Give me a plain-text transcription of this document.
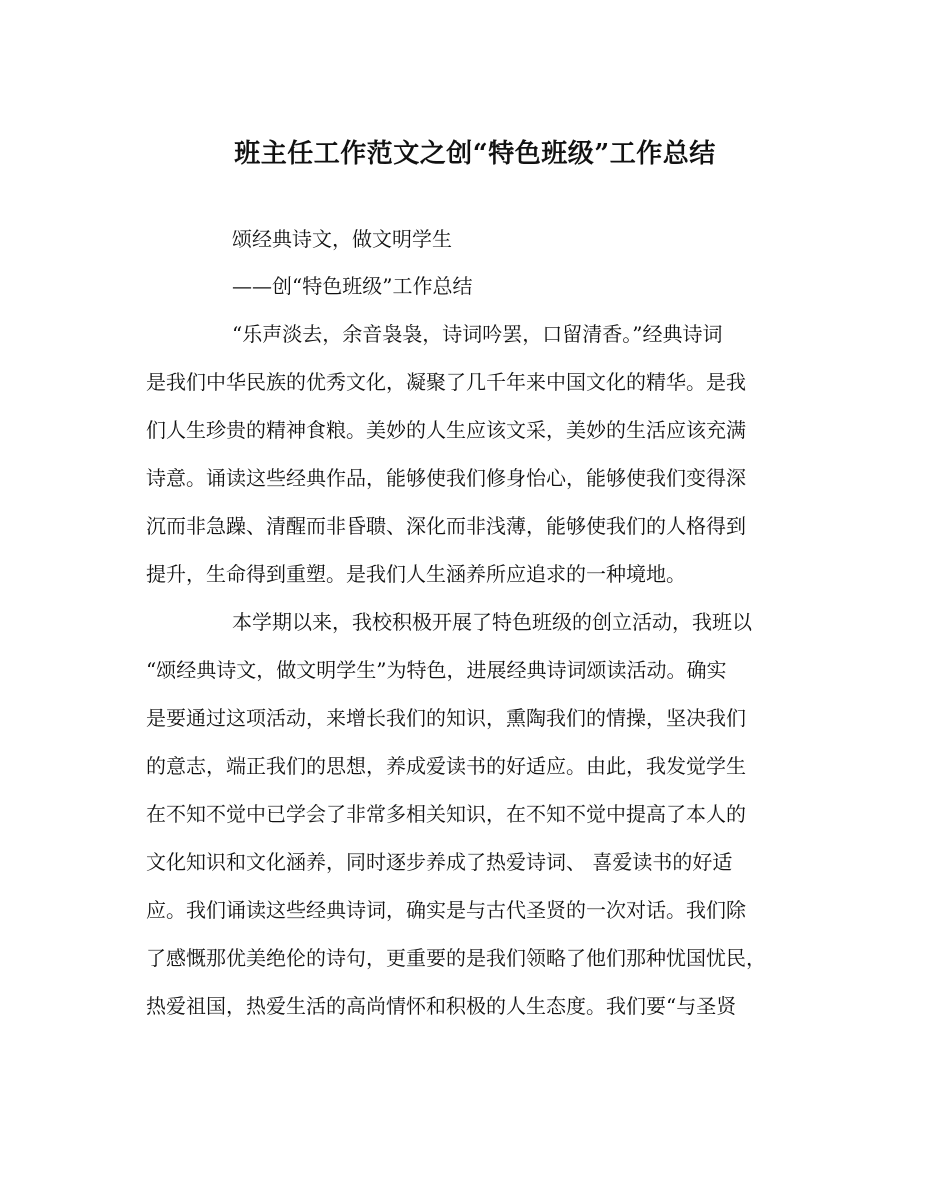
班主任工作范文之创“特色班级”工作总结
颂经典诗文，做文明学生
——创“特色班级”工作总结
“乐声淡去，余音袅袅，诗词吟罢，口留清香。”经典诗词
是我们中华民族的优秀文化，凝聚了几千年来中国文化的精华。是我
们人生珍贵的精神食粮。美妙的人生应该文采，美妙的生活应该充满
诗意。诵读这些经典作品，能够使我们修身怡心，能够使我们变得深
沉而非急躁、清醒而非昏聩、深化而非浅薄，能够使我们的人格得到
提升，生命得到重塑。是我们人生涵养所应追求的一种境地。
本学期以来，我校积极开展了特色班级的创立活动，我班以
“颂经典诗文，做文明学生”为特色，进展经典诗词颂读活动。确实
是要通过这项活动，来增长我们的知识，熏陶我们的情操，坚决我们
的意志，端正我们的思想，养成爱读书的好适应。由此，我发觉学生
在不知不觉中已学会了非常多相关知识，在不知不觉中提高了本人的
文化知识和文化涵养，同时逐步养成了热爱诗词、 喜爱读书的好适
应。我们诵读这些经典诗词，确实是与古代圣贤的一次对话。我们除
了感慨那优美绝伦的诗句，更重要的是我们领略了他们那种忧国忧民，
热爱祖国，热爱生活的高尚情怀和积极的人生态度。我们要“与圣贤
